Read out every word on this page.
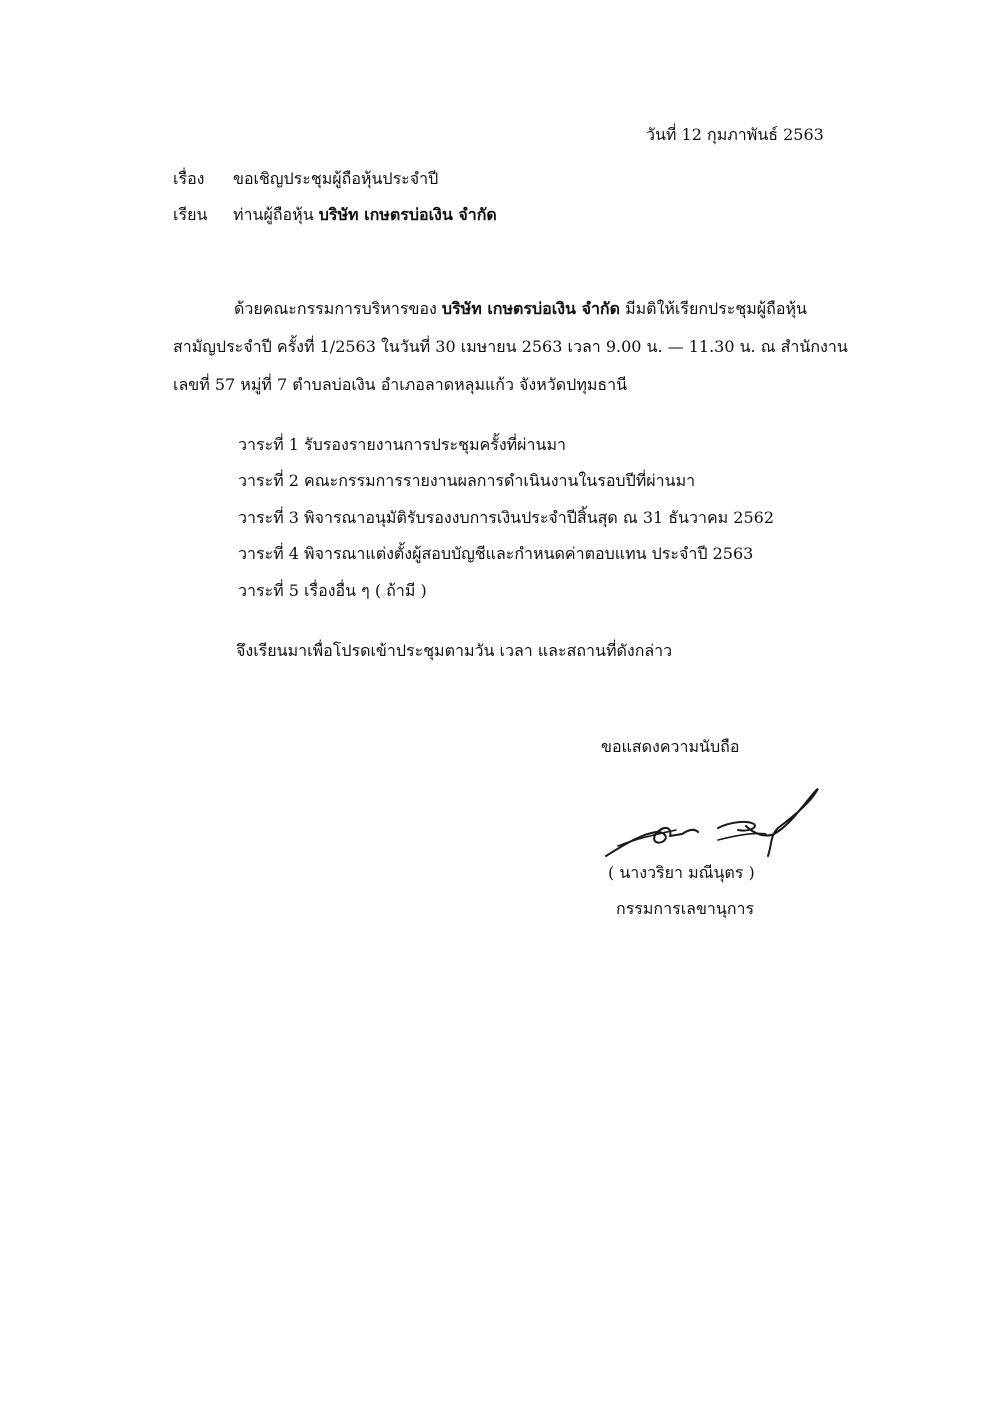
วันที่ 12 กุมภาพันธ์ 2563
เรื่อง ขอเชิญประชุมผู้ถือหุ้นประจำปี
เรียน ท่านผู้ถือหุ้น บริษัท เกษตรบ่อเงิน จำกัด
ด้วยคณะกรรมการบริหารของ บริษัท เกษตรบ่อเงิน จำกัด มีมติให้เรียกประชุมผู้ถือหุ้น
สามัญประจำปี ครั้งที่ 1/2563 ในวันที่ 30 เมษายน 2563 เวลา 9.00 น. — 11.30 น. ณ สำนักงาน
เลขที่ 57 หมู่ที่ 7 ตำบลบ่อเงิน อำเภอลาดหลุมแก้ว จังหวัดปทุมธานี
วาระที่ 1 รับรองรายงานการประชุมครั้งที่ผ่านมา
วาระที่ 2 คณะกรรมการรายงานผลการดำเนินงานในรอบปีที่ผ่านมา
วาระที่ 3 พิจารณาอนุมัติรับรองงบการเงินประจำปีสิ้นสุด ณ 31 ธันวาคม 2562
วาระที่ 4 พิจารณาแต่งตั้งผู้สอบบัญชีและกำหนดค่าตอบแทน ประจำปี 2563
วาระที่ 5 เรื่องอื่น ๆ ( ถ้ามี )
จึงเรียนมาเพื่อโปรดเข้าประชุมตามวัน เวลา และสถานที่ดังกล่าว
ขอแสดงความนับถือ
( นางวริยา มณีนุตร )
กรรมการเลขานุการ
